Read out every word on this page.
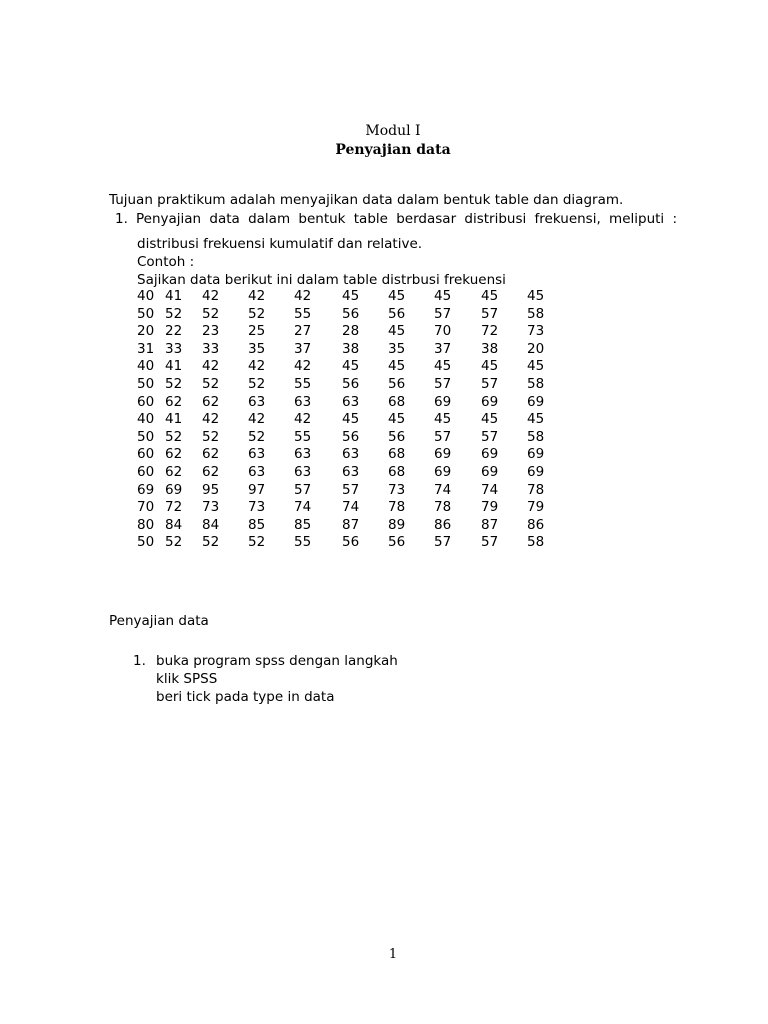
Modul I
Penyajian data
Tujuan praktikum adalah menyajikan data dalam bentuk table dan diagram.
1. Penyajian data dalam bentuk table berdasar distribusi frekuensi, meliputi :
distribusi frekuensi kumulatif dan relative.
Contoh :
Sajikan data berikut ini dalam table distrbusi frekuensi
40 41 42 42 42 45 45 45 45 45
50 52 52 52 55 56 56 57 57 58
20 22 23 25 27 28 45 70 72 73
31 33 33 35 37 38 35 37 38 20
40 41 42 42 42 45 45 45 45 45
50 52 52 52 55 56 56 57 57 58
60 62 62 63 63 63 68 69 69 69
40 41 42 42 42 45 45 45 45 45
50 52 52 52 55 56 56 57 57 58
60 62 62 63 63 63 68 69 69 69
60 62 62 63 63 63 68 69 69 69
69 69 95 97 57 57 73 74 74 78
70 72 73 73 74 74 78 78 79 79
80 84 84 85 85 87 89 86 87 86
50 52 52 52 55 56 56 57 57 58
Penyajian data
1. buka program spss dengan langkah
klik SPSS
beri tick pada type in data
1
